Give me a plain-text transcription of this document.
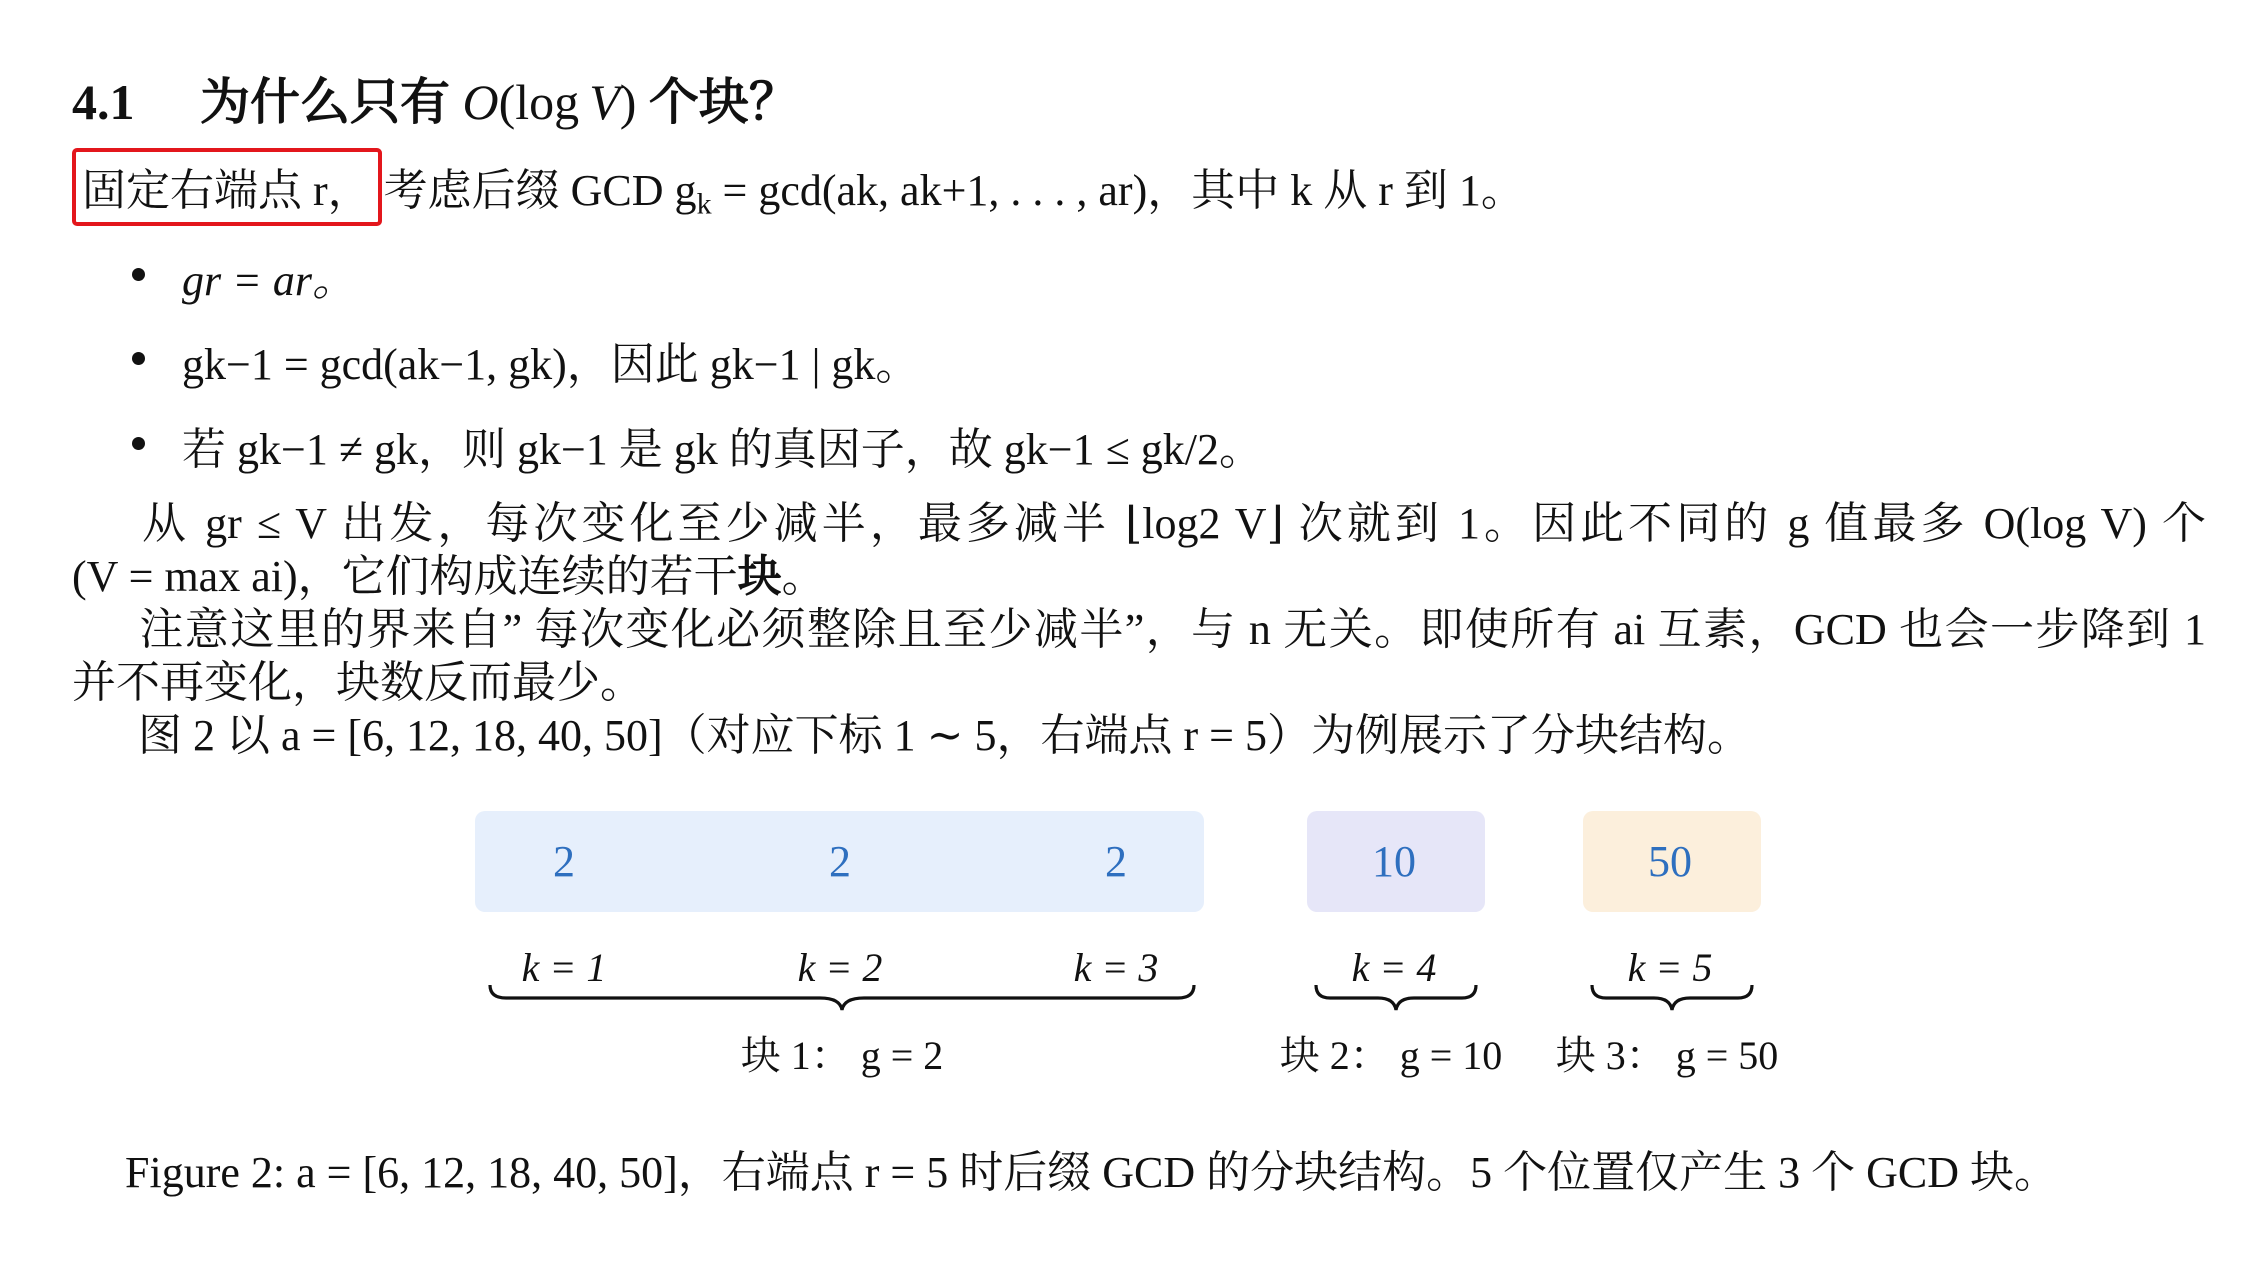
4.1 为什么只有 O(log  V) 个块？
固定右端点 r， 考虑后缀 GCD $g_k = \gcd(ak$, ak+1, . . . , ar)，其中 k 从 r 到 1。
gr = ar。
gk−1 = gcd(ak−1, gk)，因此 gk−1 | gk。
若 gk−1 ≠ gk，则 gk−1 是 gk 的真因子，故 gk−1 ≤ gk/2。
从 gr ≤ V 出发，每次变化至少减半，最多减半 ⌊log2 V⌋ 次就到 1。因此不同的 g 值最多 O(log V) 个
(V = max ai)，它们构成连续的若干块。
注意这里的界来自” 每次变化必须整除且至少减半”，与 n 无关。即使所有 ai 互素，GCD 也会一步降到 1
并不再变化，块数反而最少。
图 2 以 a = [6, 12, 18, 40, 50]（对应下标 1 ∼ 5，右端点 r = 5）为例展示了分块结构。
2	2	2	10	50
k = 1	k = 2	k = 3	k = 4	k = 5
块 1： g = 2	块 2： g = 10 块 3： g = 50
Figure 2: a = [6, 12, 18, 40, 50]，右端点 r = 5 时后缀 GCD 的分块结构。5 个位置仅产生 3 个 GCD 块。
